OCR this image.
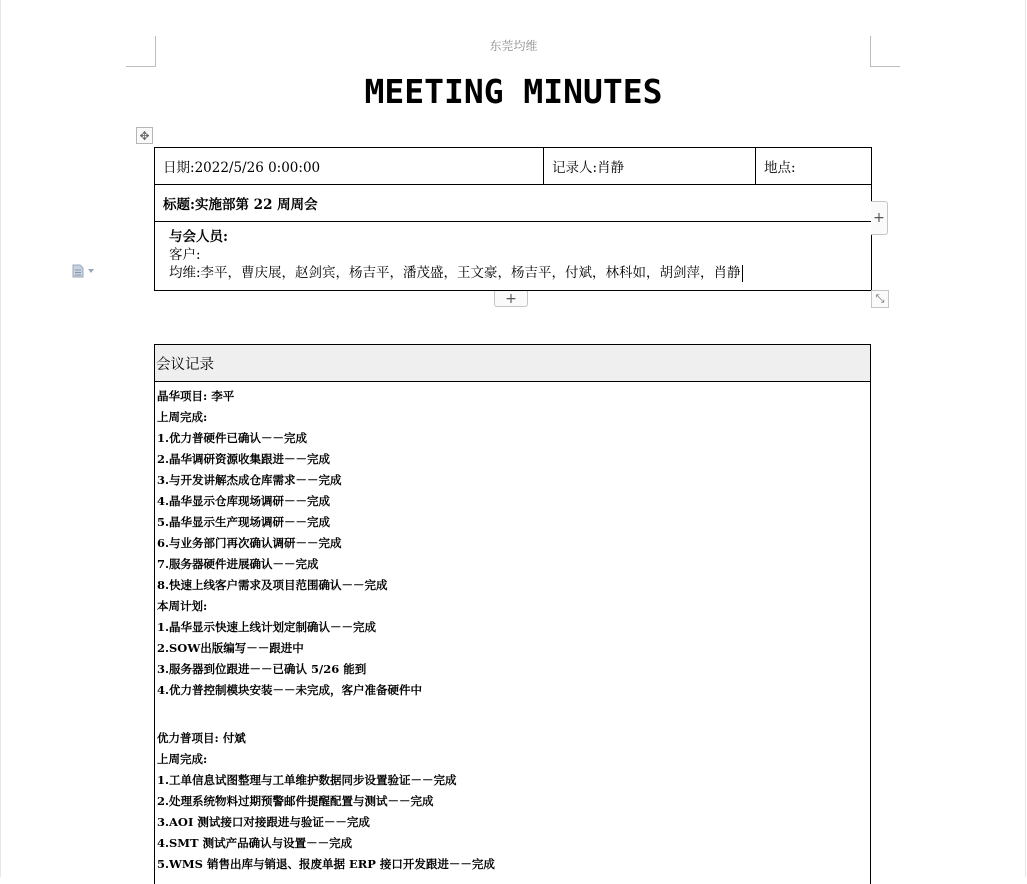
东莞均维
MEETING MINUTES
✥
日期:2022/5/26 0:00:00	记录人:肖静	地点:
标题:实施部第 22 周周会

与会人员:
客户:
均维:李平，曹庆展，赵剑宾，杨吉平，潘茂盛，王文豪，杨吉平，付斌，林科如，胡剑萍，肖静
+
+	⤡
会议记录
晶华项目: 李平
上周完成:
1.优力普硬件已确认－－完成
2.晶华调研资源收集跟进－－完成
3.与开发讲解杰成仓库需求－－完成
4.晶华显示仓库现场调研－－完成
5.晶华显示生产现场调研－－完成
6.与业务部门再次确认调研－－完成
7.服务器硬件进展确认－－完成
8.快速上线客户需求及项目范围确认－－完成
本周计划:
1.晶华显示快速上线计划定制确认－－完成
2.SOW出版编写－－跟进中
3.服务器到位跟进－－已确认 5/26 能到
4.优力普控制模块安装－－未完成，客户准备硬件中
优力普项目: 付斌
上周完成:
1.工单信息试图整理与工单维护数据同步设置验证－－完成
2.处理系统物料过期预警邮件提醒配置与测试－－完成
3.AOI 测试接口对接跟进与验证－－完成
4.SMT 测试产品确认与设置－－完成
5.WMS 销售出库与销退、报废单据 ERP 接口开发跟进－－完成
